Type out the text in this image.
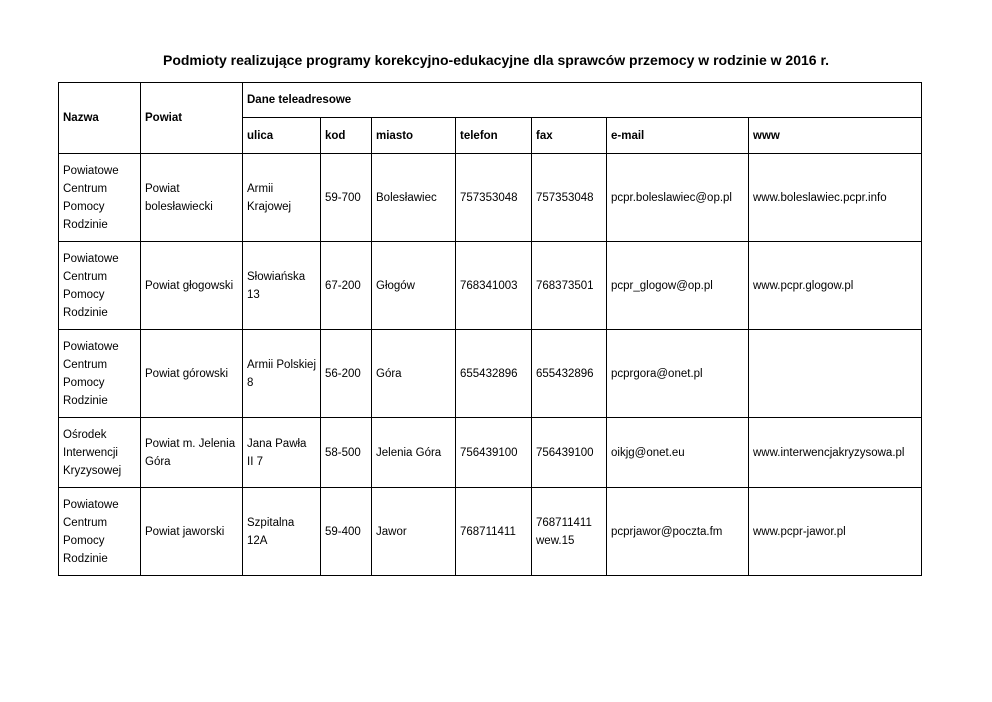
Podmioty realizujące programy korekcyjno-edukacyjne dla sprawców przemocy w rodzinie w 2016 r.
Nazwa	Powiat	Dane teleadresowe						
		ulica	kod	miasto	telefon	fax	e-mail	www
Powiatowe Centrum Pomocy Rodzinie	Powiat bolesławiecki	Armii Krajowej	59-700	Bolesławiec	757353048	757353048	pcpr.boleslawiec@op.pl	www.boleslawiec.pcpr.info
Powiatowe Centrum Pomocy Rodzinie	Powiat głogowski	Słowiańska 13	67-200	Głogów	768341003	768373501	pcpr_glogow@op.pl	www.pcpr.glogow.pl
Powiatowe Centrum Pomocy Rodzinie	Powiat górowski	Armii Polskiej 8	56-200	Góra	655432896	655432896	pcprgora@onet.pl	
Ośrodek Interwencji Kryzysowej	Powiat m. Jelenia Góra	Jana Pawła II 7	58-500	Jelenia Góra	756439100	756439100	oikjg@onet.eu	www.interwencjakryzysowa.pl
Powiatowe Centrum Pomocy Rodzinie	Powiat jaworski	Szpitalna 12A	59-400	Jawor	768711411	768711411 wew.15	pcprjawor@poczta.fm	www.pcpr-jawor.pl
